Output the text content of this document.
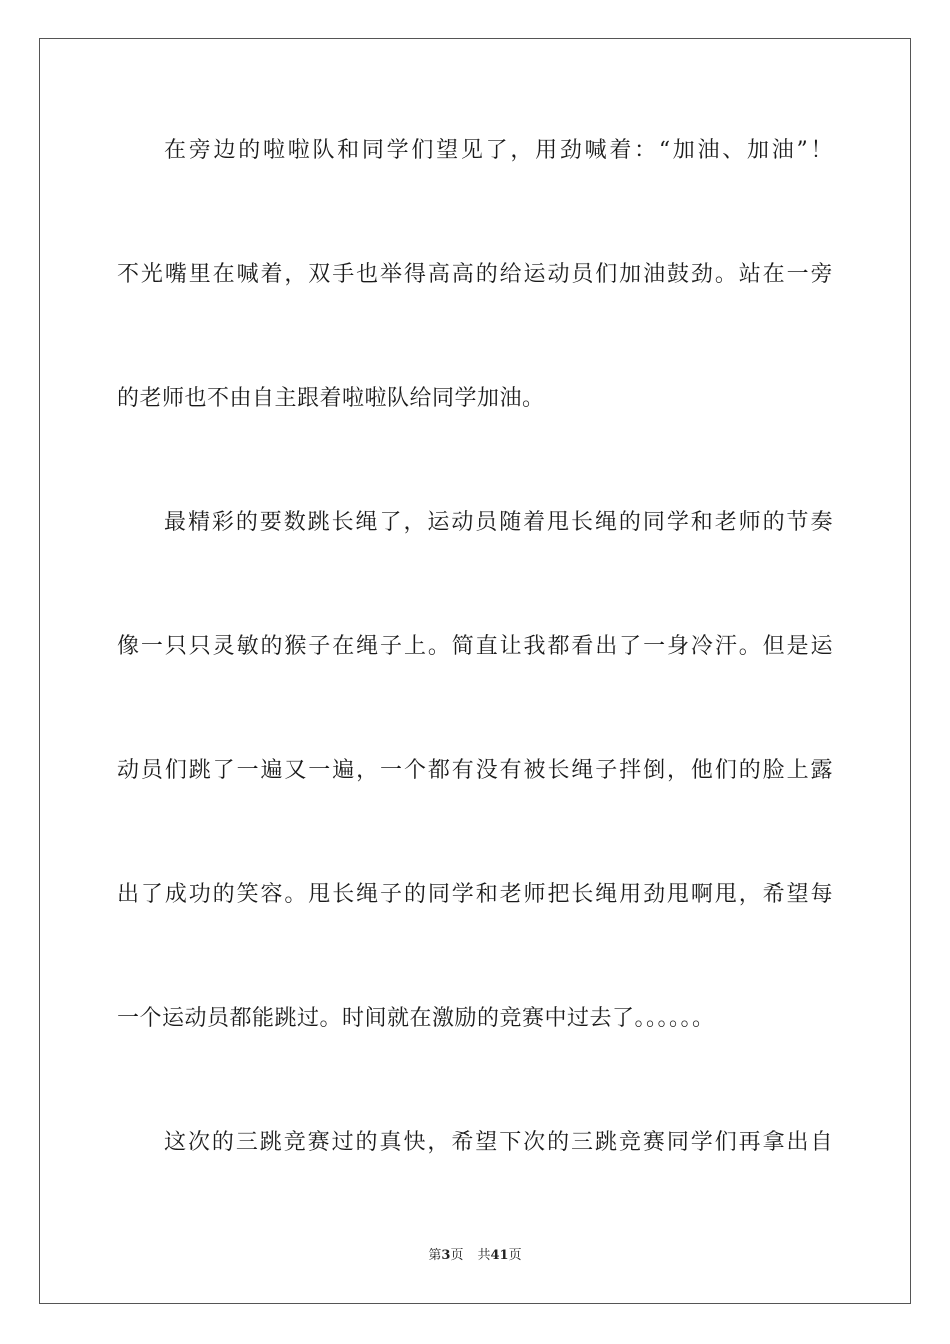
在旁边的啦啦队和同学们望见了，用劲喊着：“加油、加油”！
不光嘴里在喊着，双手也举得高高的给运动员们加油鼓劲。站在一旁
的老师也不由自主跟着啦啦队给同学加油。
最精彩的要数跳长绳了，运动员随着甩长绳的同学和老师的节奏
像一只只灵敏的猴子在绳子上。简直让我都看出了一身冷汗。但是运
动员们跳了一遍又一遍，一个都有没有被长绳子拌倒，他们的脸上露
出了成功的笑容。甩长绳子的同学和老师把长绳用劲甩啊甩，希望每
一个运动员都能跳过。时间就在激励的竞赛中过去了。。。。。。
这次的三跳竞赛过的真快，希望下次的三跳竞赛同学们再拿出自
第3页 共41页
